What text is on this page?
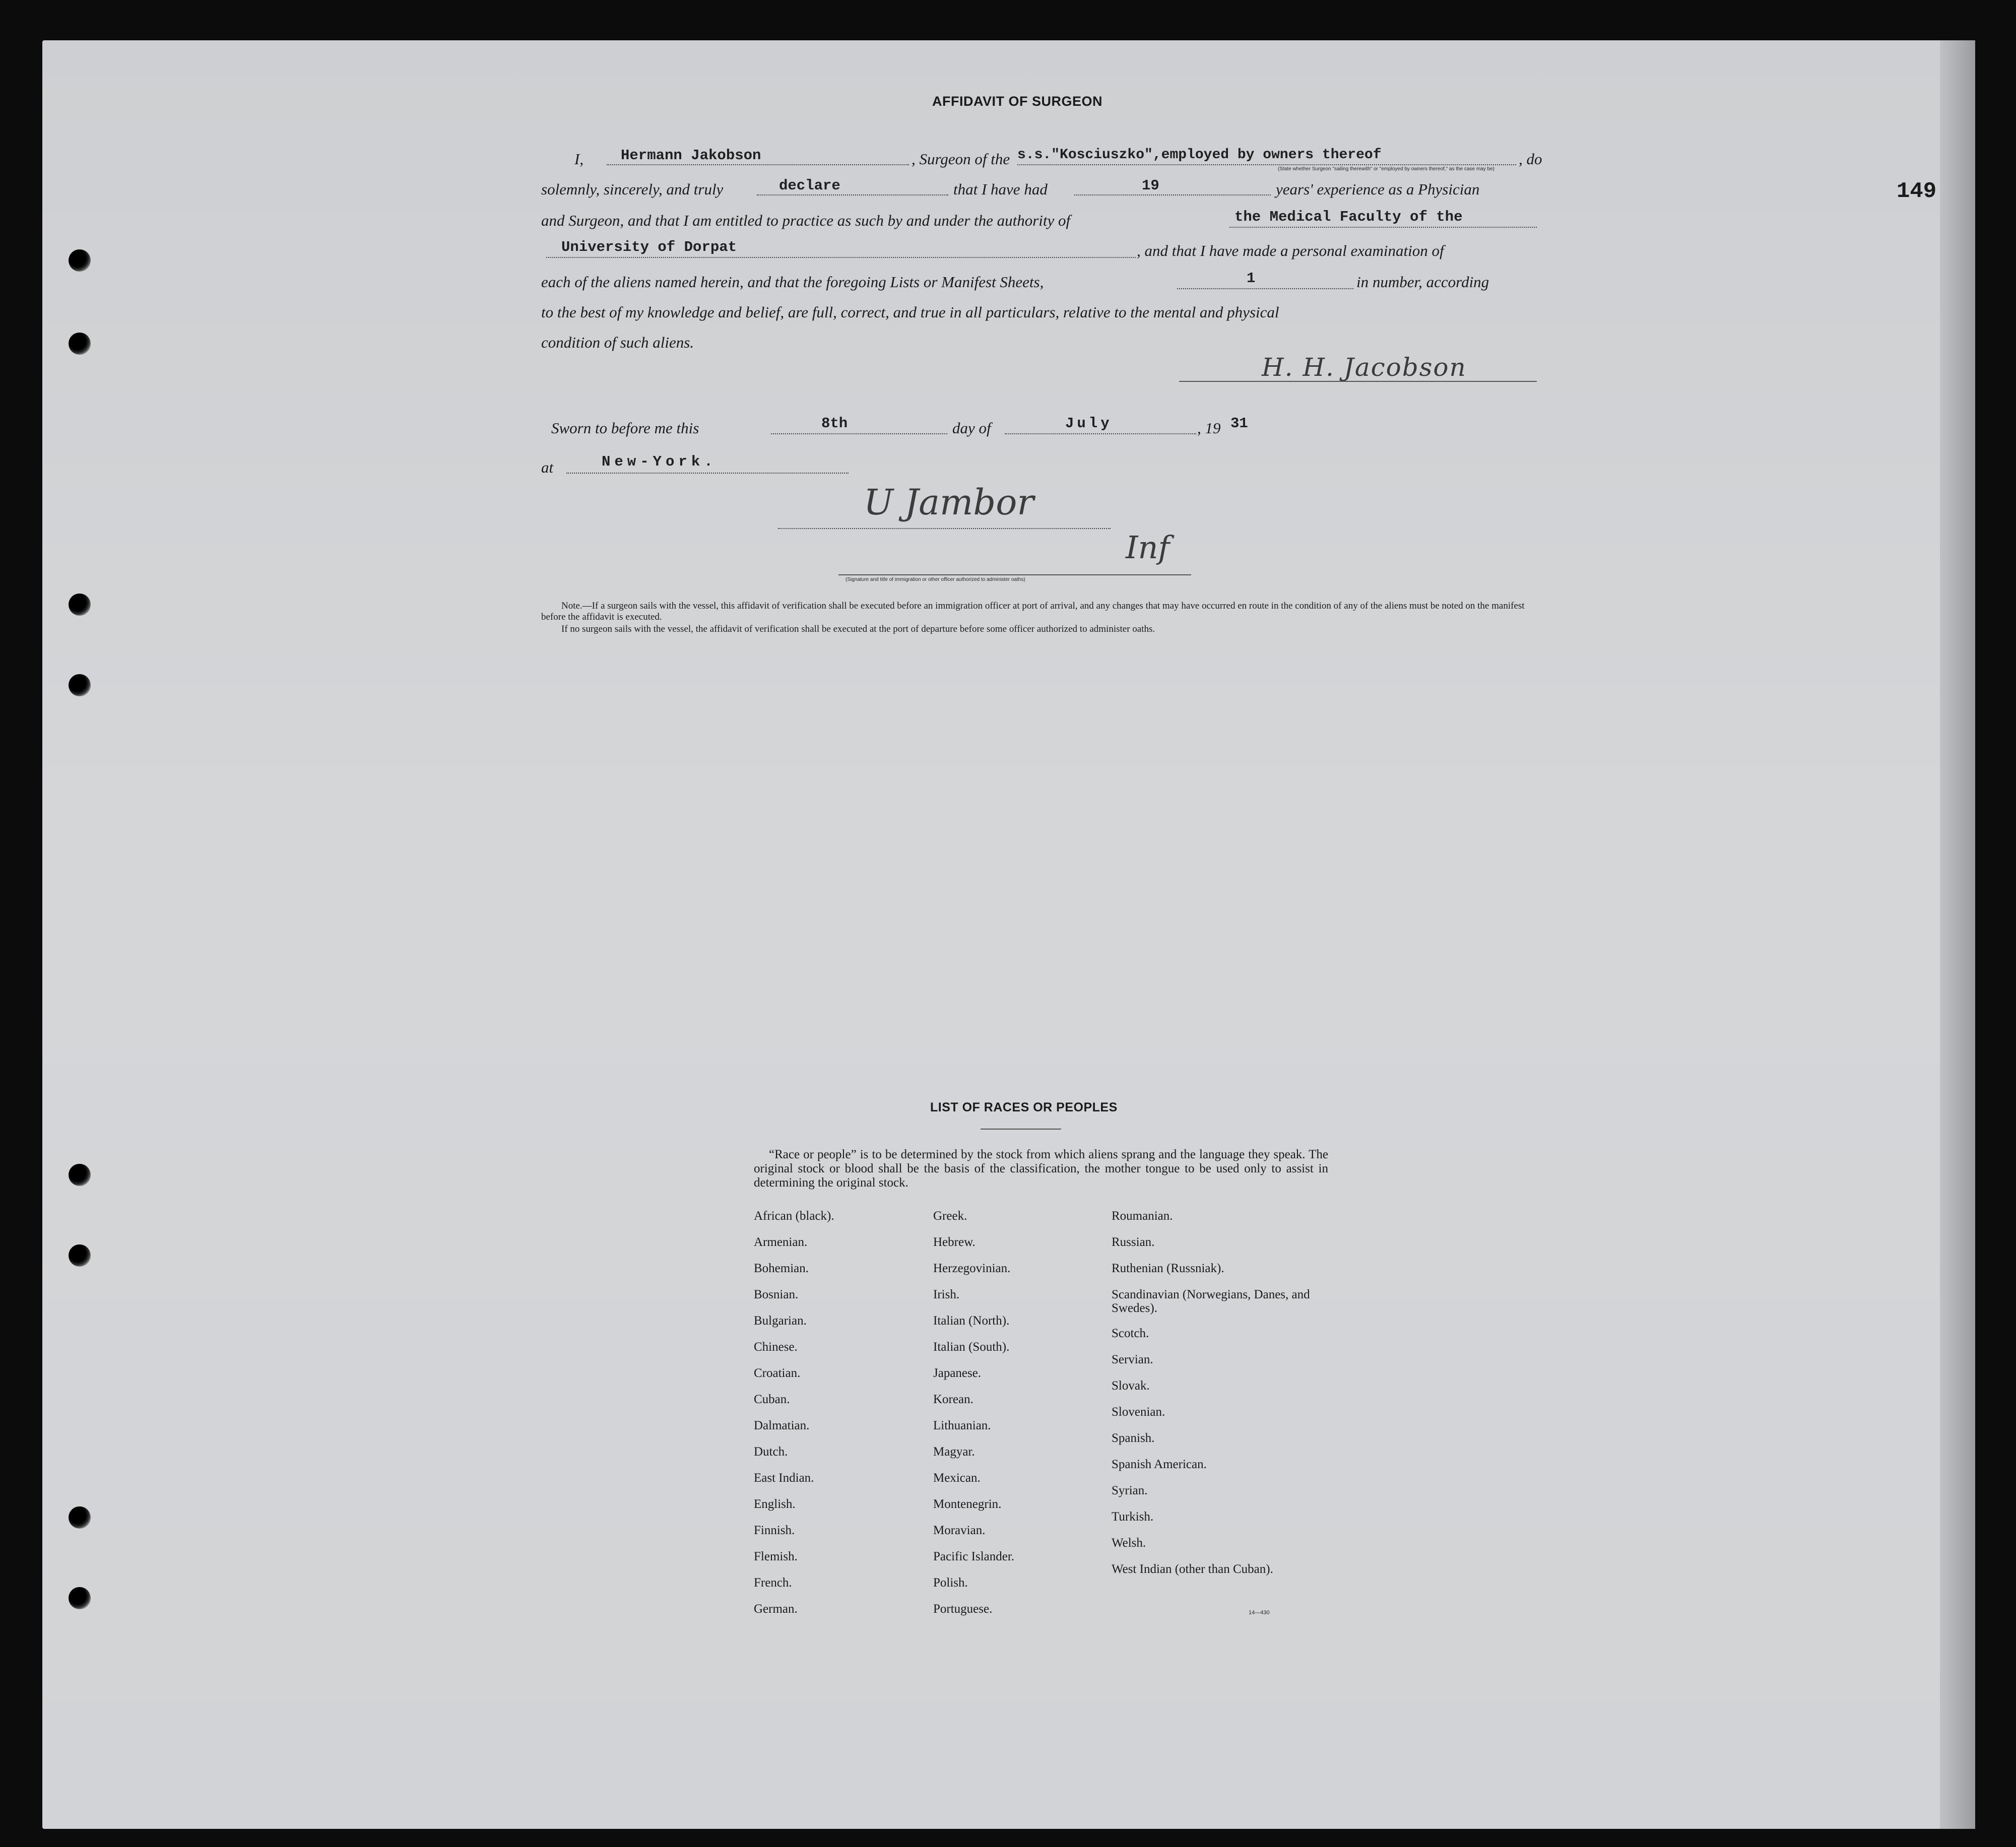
149
AFFIDAVIT OF SURGEON
I,	Hermann Jakobson	, Surgeon of the s.s."Kosciuszko",employed by owners thereof	, do
(State whether Surgeon "sailing therewith" or "employed by owners thereof," as the case may be)
solemnly, sincerely, and truly	declare	that I have had	19	years' experience as a Physician
and Surgeon, and that I am entitled to practice as such by and under the authority of	the Medical Faculty of the
University of Dorpat	, and that I have made a personal examination of
each of the aliens named herein, and that the foregoing Lists or Manifest Sheets,	1	in number, according
to the best of my knowledge and belief, are full, correct, and true in all particulars, relative to the mental and physical
condition of such aliens.
H. H. Jacobson
Sworn to before me this	8th	day of	July	, 19 31
at	New-York.
U Jambor
Inf
(Signature and title of immigration or other officer authorized to administer oaths)
Note.—If a surgeon sails with the vessel, this affidavit of verification shall be executed before an immigration officer at port of arrival, and any changes that may have occurred en route in the condition of any of the aliens must be noted on the manifest before the affidavit is executed.
If no surgeon sails with the vessel, the affidavit of verification shall be executed at the port of departure before some officer authorized to administer oaths.
LIST OF RACES OR PEOPLES
“Race or people” is to be determined by the stock from which aliens sprang and the language they speak. The original stock or blood shall be the basis of the classification, the mother tongue to be used only to assist in determining the original stock.
African (black).
Armenian.
Bohemian.
Bosnian.
Bulgarian.
Chinese.
Croatian.
Cuban.
Dalmatian.
Dutch.
East Indian.
English.
Finnish.
Flemish.
French.
German.
Greek.
Hebrew.
Herzegovinian.
Irish.
Italian (North).
Italian (South).
Japanese.
Korean.
Lithuanian.
Magyar.
Mexican.
Montenegrin.
Moravian.
Pacific Islander.
Polish.
Portuguese.
Roumanian.
Russian.
Ruthenian (Russniak).
Scandinavian (Norwegians, Danes, and Swedes).
Scotch.
Servian.
Slovak.
Slovenian.
Spanish.
Spanish American.
Syrian.
Turkish.
Welsh.
West Indian (other than Cuban).
14—430
